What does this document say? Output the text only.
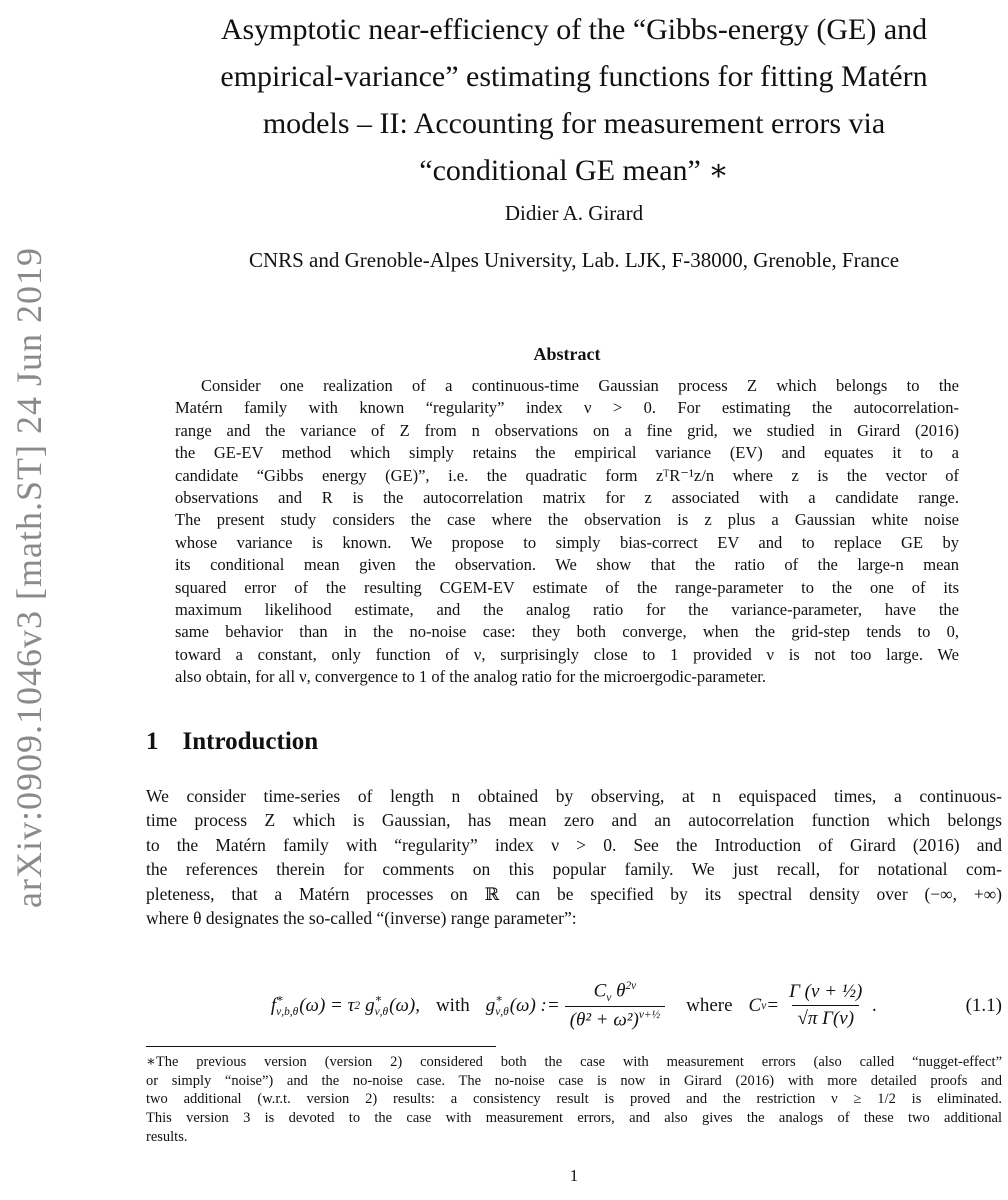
arXiv:0909.1046v3 [math.ST] 24 Jun 2019
Asymptotic near-efficiency of the “Gibbs-energy (GE) and
empirical-variance” estimating functions for fitting Matérn
models – II: Accounting for measurement errors via
“conditional GE mean” ∗
Didier A. Girard
CNRS and Grenoble-Alpes University, Lab. LJK, F-38000, Grenoble, France
Abstract
Consider one realization of a continuous-time Gaussian process Z which belongs to the
Matérn family with known “regularity” index ν > 0. For estimating the autocorrelation-
range and the variance of Z from n observations on a fine grid, we studied in Girard (2016)
the GE-EV method which simply retains the empirical variance (EV) and equates it to a
candidate “Gibbs energy (GE)”, i.e. the quadratic form zᵀR⁻¹z/n where z is the vector of
observations and R is the autocorrelation matrix for z associated with a candidate range.
The present study considers the case where the observation is z plus a Gaussian white noise
whose variance is known. We propose to simply bias-correct EV and to replace GE by
its conditional mean given the observation. We show that the ratio of the large-n mean
squared error of the resulting CGEM-EV estimate of the range-parameter to the one of its
maximum likelihood estimate, and the analog ratio for the variance-parameter, have the
same behavior than in the no-noise case: they both converge, when the grid-step tends to 0,
toward a constant, only function of ν, surprisingly close to 1 provided ν is not too large. We
also obtain, for all ν, convergence to 1 of the analog ratio for the microergodic-parameter.
1 Introduction
We consider time-series of length n obtained by observing, at n equispaced times, a continuous-
time process Z which is Gaussian, has mean zero and an autocorrelation function which belongs
to the Matérn family with “regularity” index ν > 0. See the Introduction of Girard (2016) and
the references therein for comments on this popular family. We just recall, for notational com-
pleteness, that a Matérn processes on ℝ can be specified by its spectral density over (−∞, +∞)
where θ designates the so-called “(inverse) range parameter”:
f ∗
ν,b,θ (ω) = τ 2 g ∗
ν,θ (ω), with g ∗
ν,θ (ω) := $\frac{C_\nu \theta^{2\nu}}{(\theta^2 + \omega^2)^{\nu+\frac{1}{2}}}$ where C $\nu = \frac{\text{Γ (ν + ½)}}{\text{√π Γ(ν)}}$ .	(1.1)
∗The previous version (version 2) considered both the case with measurement errors (also called “nugget-effect”
or simply “noise”) and the no-noise case. The no-noise case is now in Girard (2016) with more detailed proofs and
two additional (w.r.t. version 2) results: a consistency result is proved and the restriction ν ≥ 1/2 is eliminated.
This version 3 is devoted to the case with measurement errors, and also gives the analogs of these two additional
results.
1
